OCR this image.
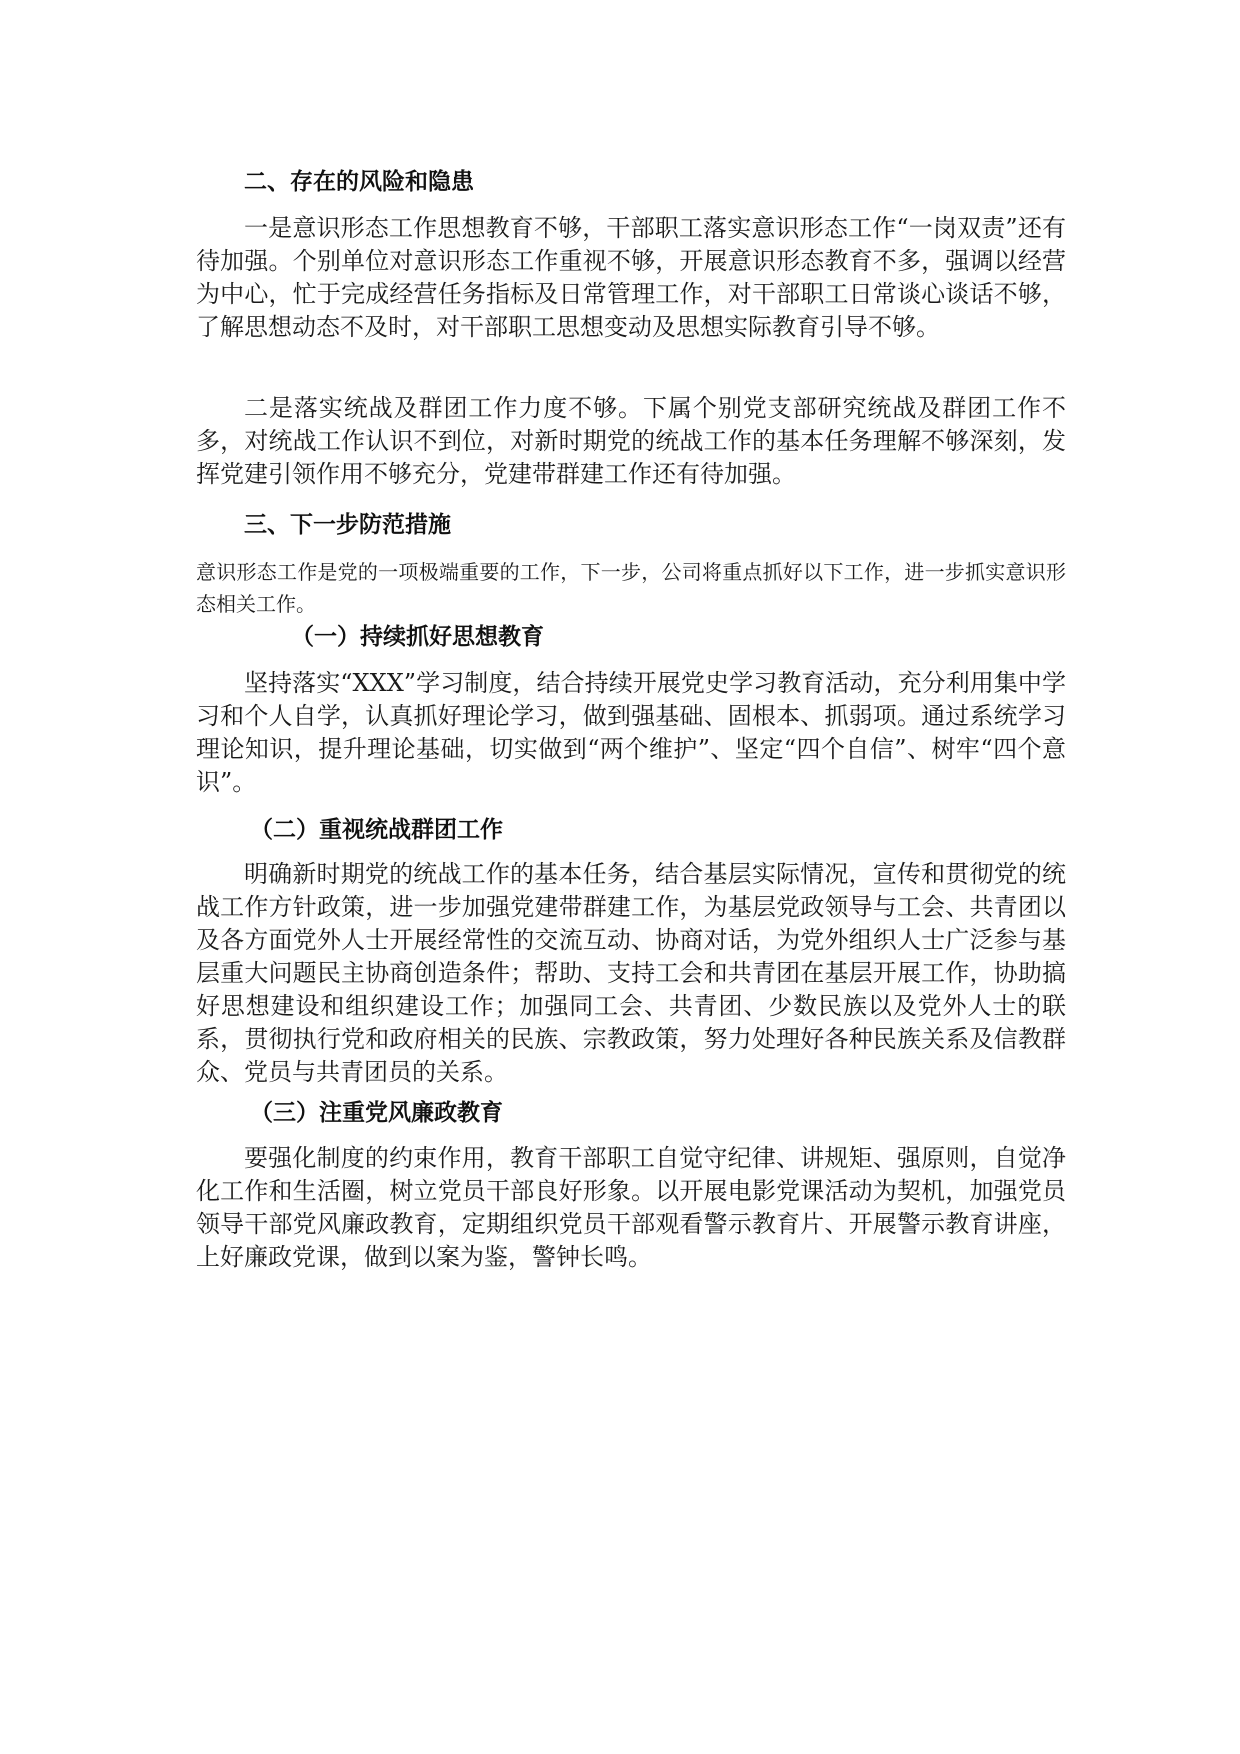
二、存在的风险和隐患

一是意识形态工作思想教育不够，干部职工落实意识形态工作“一岗双责”还有待加强。个别单位对意识形态工作重视不够，开展意识形态教育不多，强调以经营为中心，忙于完成经营任务指标及日常管理工作，对干部职工日常谈心谈话不够，了解思想动态不及时，对干部职工思想变动及思想实际教育引导不够。

二是落实统战及群团工作力度不够。下属个别党支部研究统战及群团工作不多，对统战工作认识不到位，对新时期党的统战工作的基本任务理解不够深刻，发挥党建引领作用不够充分，党建带群建工作还有待加强。

三、下一步防范措施

意识形态工作是党的一项极端重要的工作，下一步，公司将重点抓好以下工作，进一步抓实意识形态相关工作。

（一）持续抓好思想教育

坚持落实“XXX”学习制度，结合持续开展党史学习教育活动，充分利用集中学习和个人自学，认真抓好理论学习，做到强基础、固根本、抓弱项。通过系统学习理论知识，提升理论基础，切实做到“两个维护”、坚定“四个自信”、树牢“四个意识”。

（二）重视统战群团工作

明确新时期党的统战工作的基本任务，结合基层实际情况，宣传和贯彻党的统战工作方针政策，进一步加强党建带群建工作，为基层党政领导与工会、共青团以及各方面党外人士开展经常性的交流互动、协商对话，为党外组织人士广泛参与基层重大问题民主协商创造条件；帮助、支持工会和共青团在基层开展工作，协助搞好思想建设和组织建设工作；加强同工会、共青团、少数民族以及党外人士的联系，贯彻执行党和政府相关的民族、宗教政策，努力处理好各种民族关系及信教群众、党员与共青团员的关系。

（三）注重党风廉政教育

要强化制度的约束作用，教育干部职工自觉守纪律、讲规矩、强原则，自觉净化工作和生活圈，树立党员干部良好形象。以开展电影党课活动为契机，加强党员领导干部党风廉政教育，定期组织党员干部观看警示教育片、开展警示教育讲座，上好廉政党课，做到以案为鉴，警钟长鸣。
